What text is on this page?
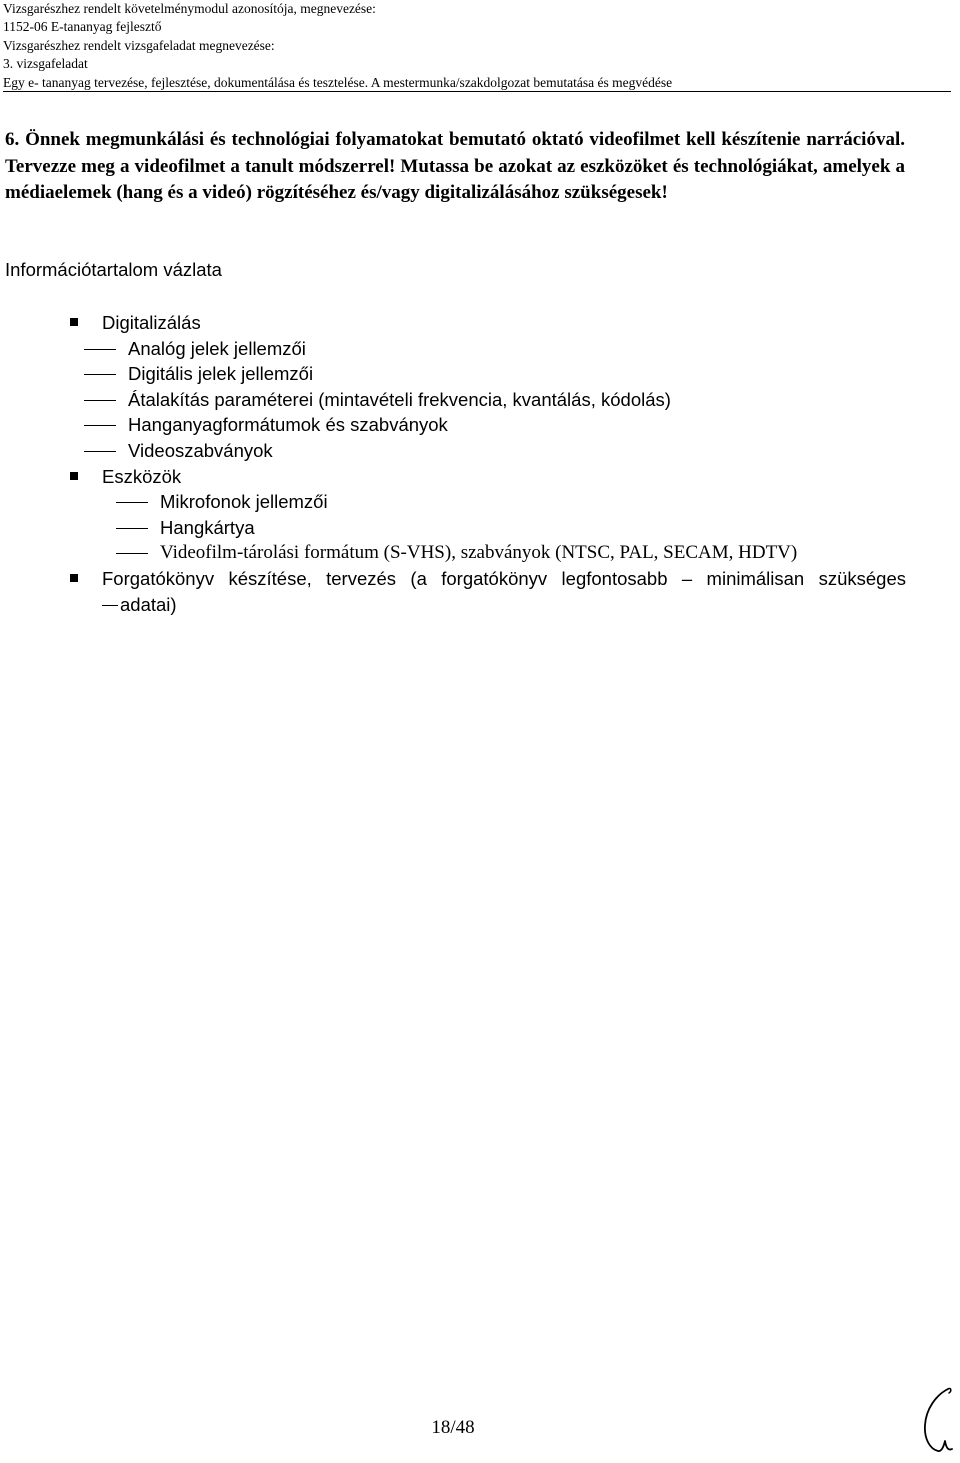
Vizsgarészhez rendelt követelménymodul azonosítója, megnevezése:
1152-06 E-tananyag fejlesztő
Vizsgarészhez rendelt vizsgafeladat megnevezése:
3. vizsgafeladat
Egy e- tananyag tervezése, fejlesztése, dokumentálása és tesztelése. A mestermunka/szakdolgozat bemutatása és megvédése

6. Önnek megmunkálási és technológiai folyamatokat bemutató oktató videofilmet kell készítenie narrációval. Tervezze meg a videofilmet a tanult módszerrel! Mutassa be azokat az eszközöket és technológiákat, amelyek a médiaelemek (hang és a videó) rögzítéséhez és/vagy digitalizálásához szükségesek!

Információtartalom vázlata
Digitalizálás
Analóg jelek jellemzői
Digitális jelek jellemzői
Átalakítás paraméterei (mintavételi frekvencia, kvantálás, kódolás)
Hanganyagformátumok és szabványok
Videoszabványok
Eszközök
Mikrofonok jellemzői
Hangkártya
Videofilm-tárolási formátum (S-VHS), szabványok (NTSC, PAL, SECAM, HDTV)
Forgatókönyv készítése, tervezés (a forgatókönyv legfontosabb – minimálisan szükséges
adatai)
18/48
